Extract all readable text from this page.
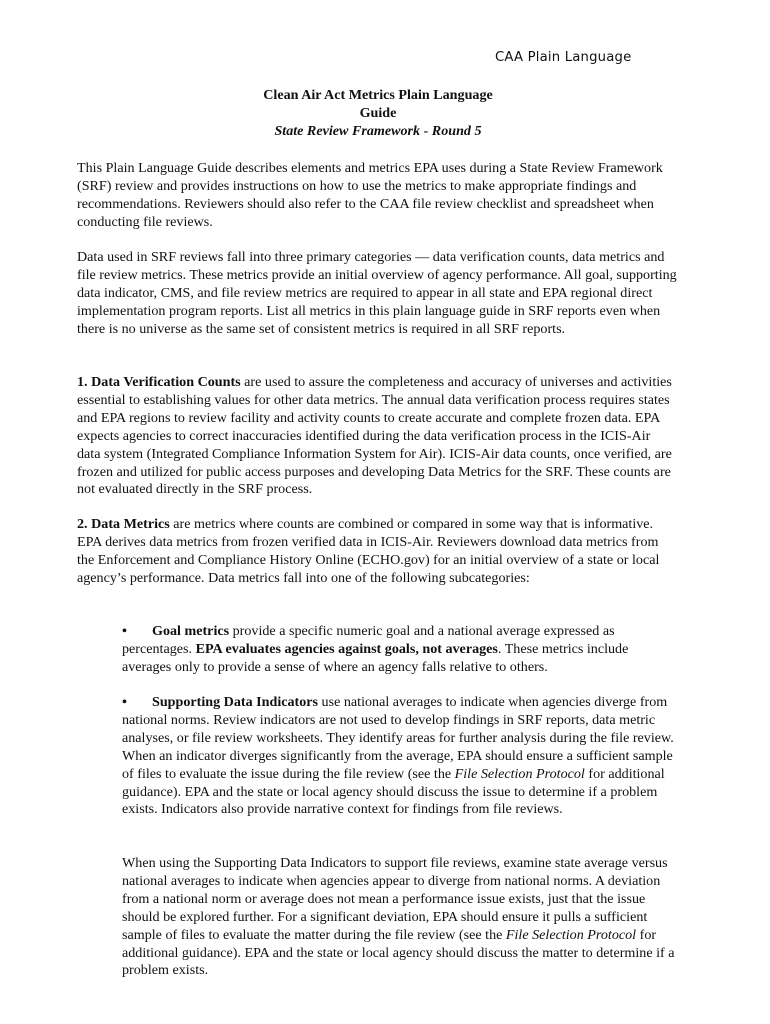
CAA Plain Language
Clean Air Act Metrics Plain Language
Guide
State Review Framework - Round 5

This Plain Language Guide describes elements and metrics EPA uses during a State Review Framework (SRF) review and provides instructions on how to use the metrics to make appropriate findings and recommendations. Reviewers should also refer to the CAA file review checklist and spreadsheet when conducting file reviews.

Data used in SRF reviews fall into three primary categories — data verification counts, data metrics and file review metrics. These metrics provide an initial overview of agency performance. All goal, supporting data indicator, CMS, and file review metrics are required to appear in all state and EPA regional direct implementation program reports. List all metrics in this plain language guide in SRF reports even when there is no universe as the same set of consistent metrics is required in all SRF reports.

1. Data Verification Counts are used to assure the completeness and accuracy of universes and activities essential to establishing values for other data metrics. The annual data verification process requires states and EPA regions to review facility and activity counts to create accurate and complete frozen data. EPA expects agencies to correct inaccuracies identified during the data verification process in the ICIS-Air data system (Integrated Compliance Information System for Air). ICIS-Air data counts, once verified, are frozen and utilized for public access purposes and developing Data Metrics for the SRF. These counts are not evaluated directly in the SRF process.

2. Data Metrics are metrics where counts are combined or compared in some way that is informative. EPA derives data metrics from frozen verified data in ICIS-Air. Reviewers download data metrics from the Enforcement and Compliance History Online (ECHO.gov) for an initial overview of a state or local agency’s performance. Data metrics fall into one of the following subcategories:

• Goal metrics provide a specific numeric goal and a national average expressed as percentages. EPA evaluates agencies against goals, not averages. These metrics include averages only to provide a sense of where an agency falls relative to others.

• Supporting Data Indicators use national averages to indicate when agencies diverge from national norms. Review indicators are not used to develop findings in SRF reports, data metric analyses, or file review worksheets. They identify areas for further analysis during the file review. When an indicator diverges significantly from the average, EPA should ensure a sufficient sample of files to evaluate the issue during the file review (see the File Selection Protocol for additional guidance). EPA and the state or local agency should discuss the issue to determine if a problem exists. Indicators also provide narrative context for findings from file reviews.

When using the Supporting Data Indicators to support file reviews, examine state average versus national averages to indicate when agencies appear to diverge from national norms. A deviation from a national norm or average does not mean a performance issue exists, just that the issue should be explored further. For a significant deviation, EPA should ensure it pulls a sufficient sample of files to evaluate the matter during the file review (see the File Selection Protocol for additional guidance). EPA and the state or local agency should discuss the matter to determine if a problem exists.
